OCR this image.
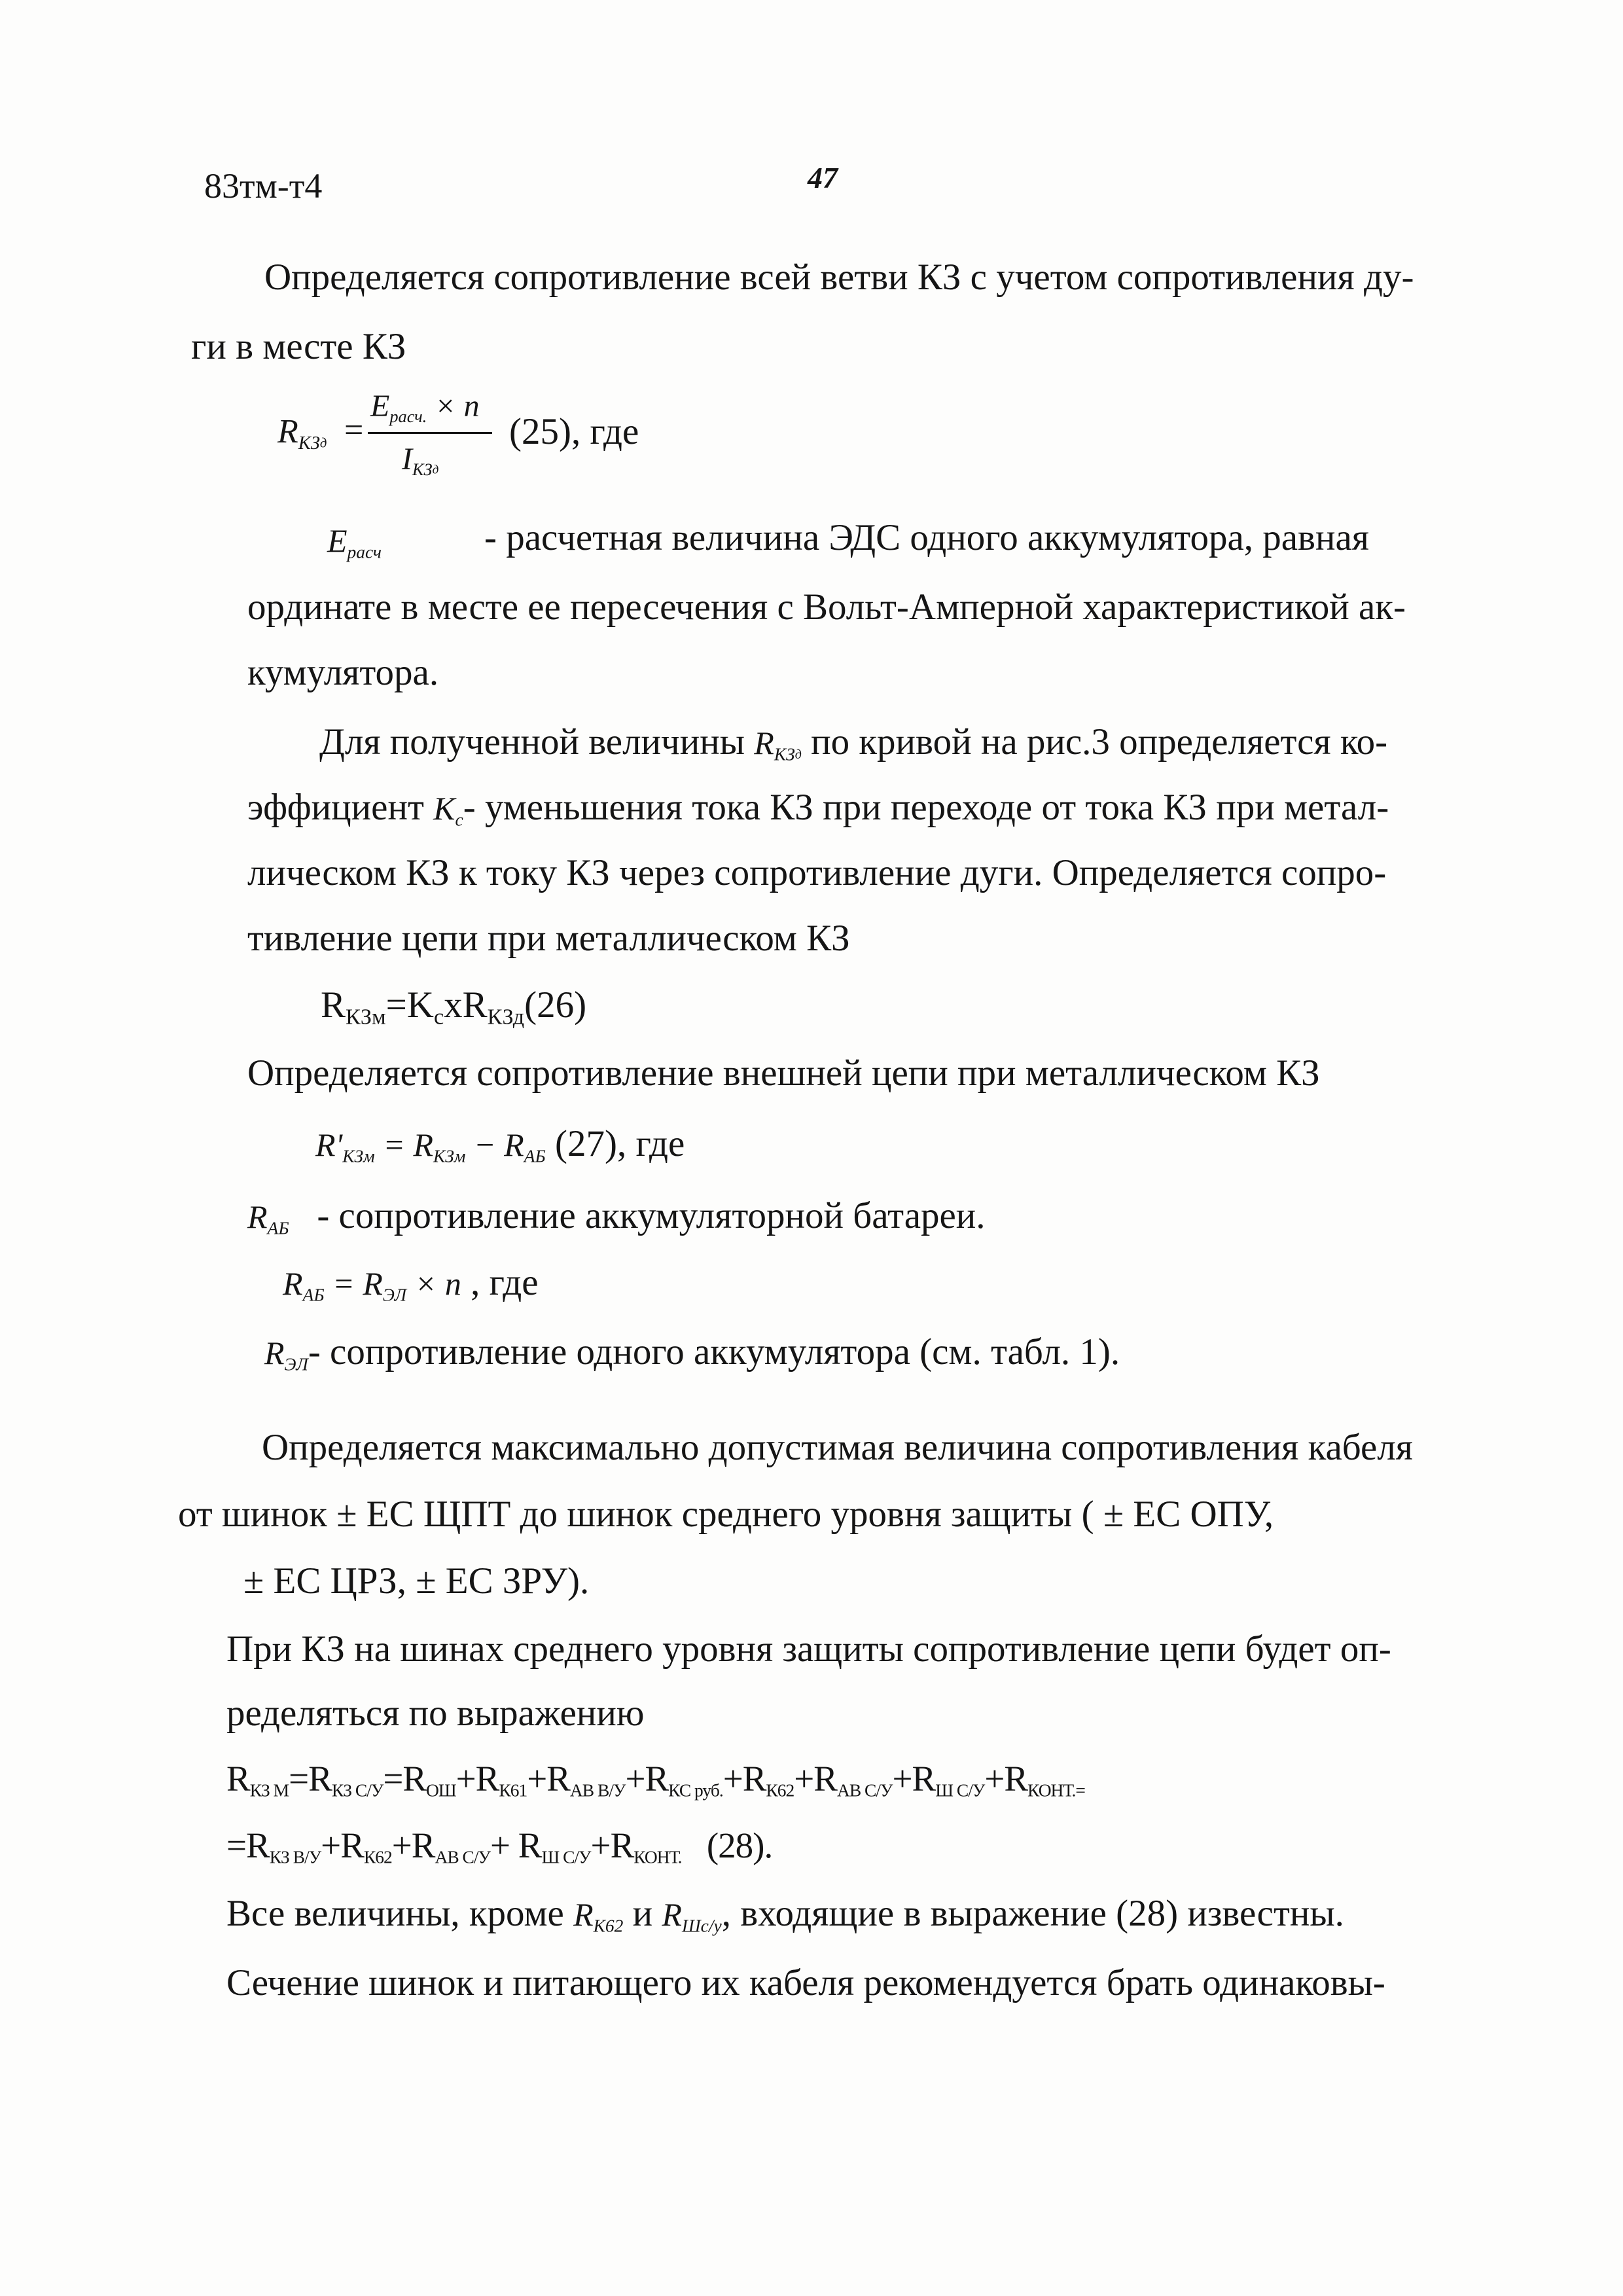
83тм-т4	47
Определяется сопротивление всей ветви КЗ с учетом сопротивления ду-
ги в месте КЗ
$R_{КЗд}$ =
$E_{расч.} \times n$
$I_{КЗд}$
(25), где
$E_{расч}$	- расчетная величина ЭДС одного аккумулятора, равная
ординате в месте ее пересечения с Вольт-Амперной характеристикой ак-
кумулятора.
Для полученной величины $R_{КЗд}$ по кривой на рис.3 определяется ко-
эффициент $K_с-$ уменьшения тока КЗ при переходе от тока КЗ при метал-
лическом КЗ к току КЗ через сопротивление дуги. Определяется сопро-
тивление цепи при металлическом КЗ
RКЗм=KсxRКЗд(26)
Определяется сопротивление внешней цепи при металлическом КЗ
$R'_{КЗм} = R_{КЗм} - R_{АБ}$ (27), где
$R_{АБ}$ - сопротивление аккумуляторной батареи.
$R_{АБ} = R_{ЭЛ} \times n$ , где
$R_{ЭЛ}-$ сопротивление одного аккумулятора (см. табл. 1).
Определяется максимально допустимая величина сопротивления кабеля
от шинок ± ЕС ЩПТ до шинок среднего уровня защиты ( ± ЕС ОПУ,
± ЕС ЦРЗ, ± ЕС ЗРУ).
При КЗ на шинах среднего уровня защиты сопротивление цепи будет оп-
ределяться по выражению
RКЗ М=RКЗ С/У=RОШ+RК61+RАВ В/У+RКС руб.+RК62+RАВ С/У+RШ С/У+RКОНТ.=
=RКЗ В/У+RК62+RАВ С/У+ RШ С/У+RКОНТ.   (28).
Все величины, кроме $R_{К62}$ и $R_{Шс/у}$, входящие в выражение (28) известны.
Сечение шинок и питающего их кабеля рекомендуется брать одинаковы-
